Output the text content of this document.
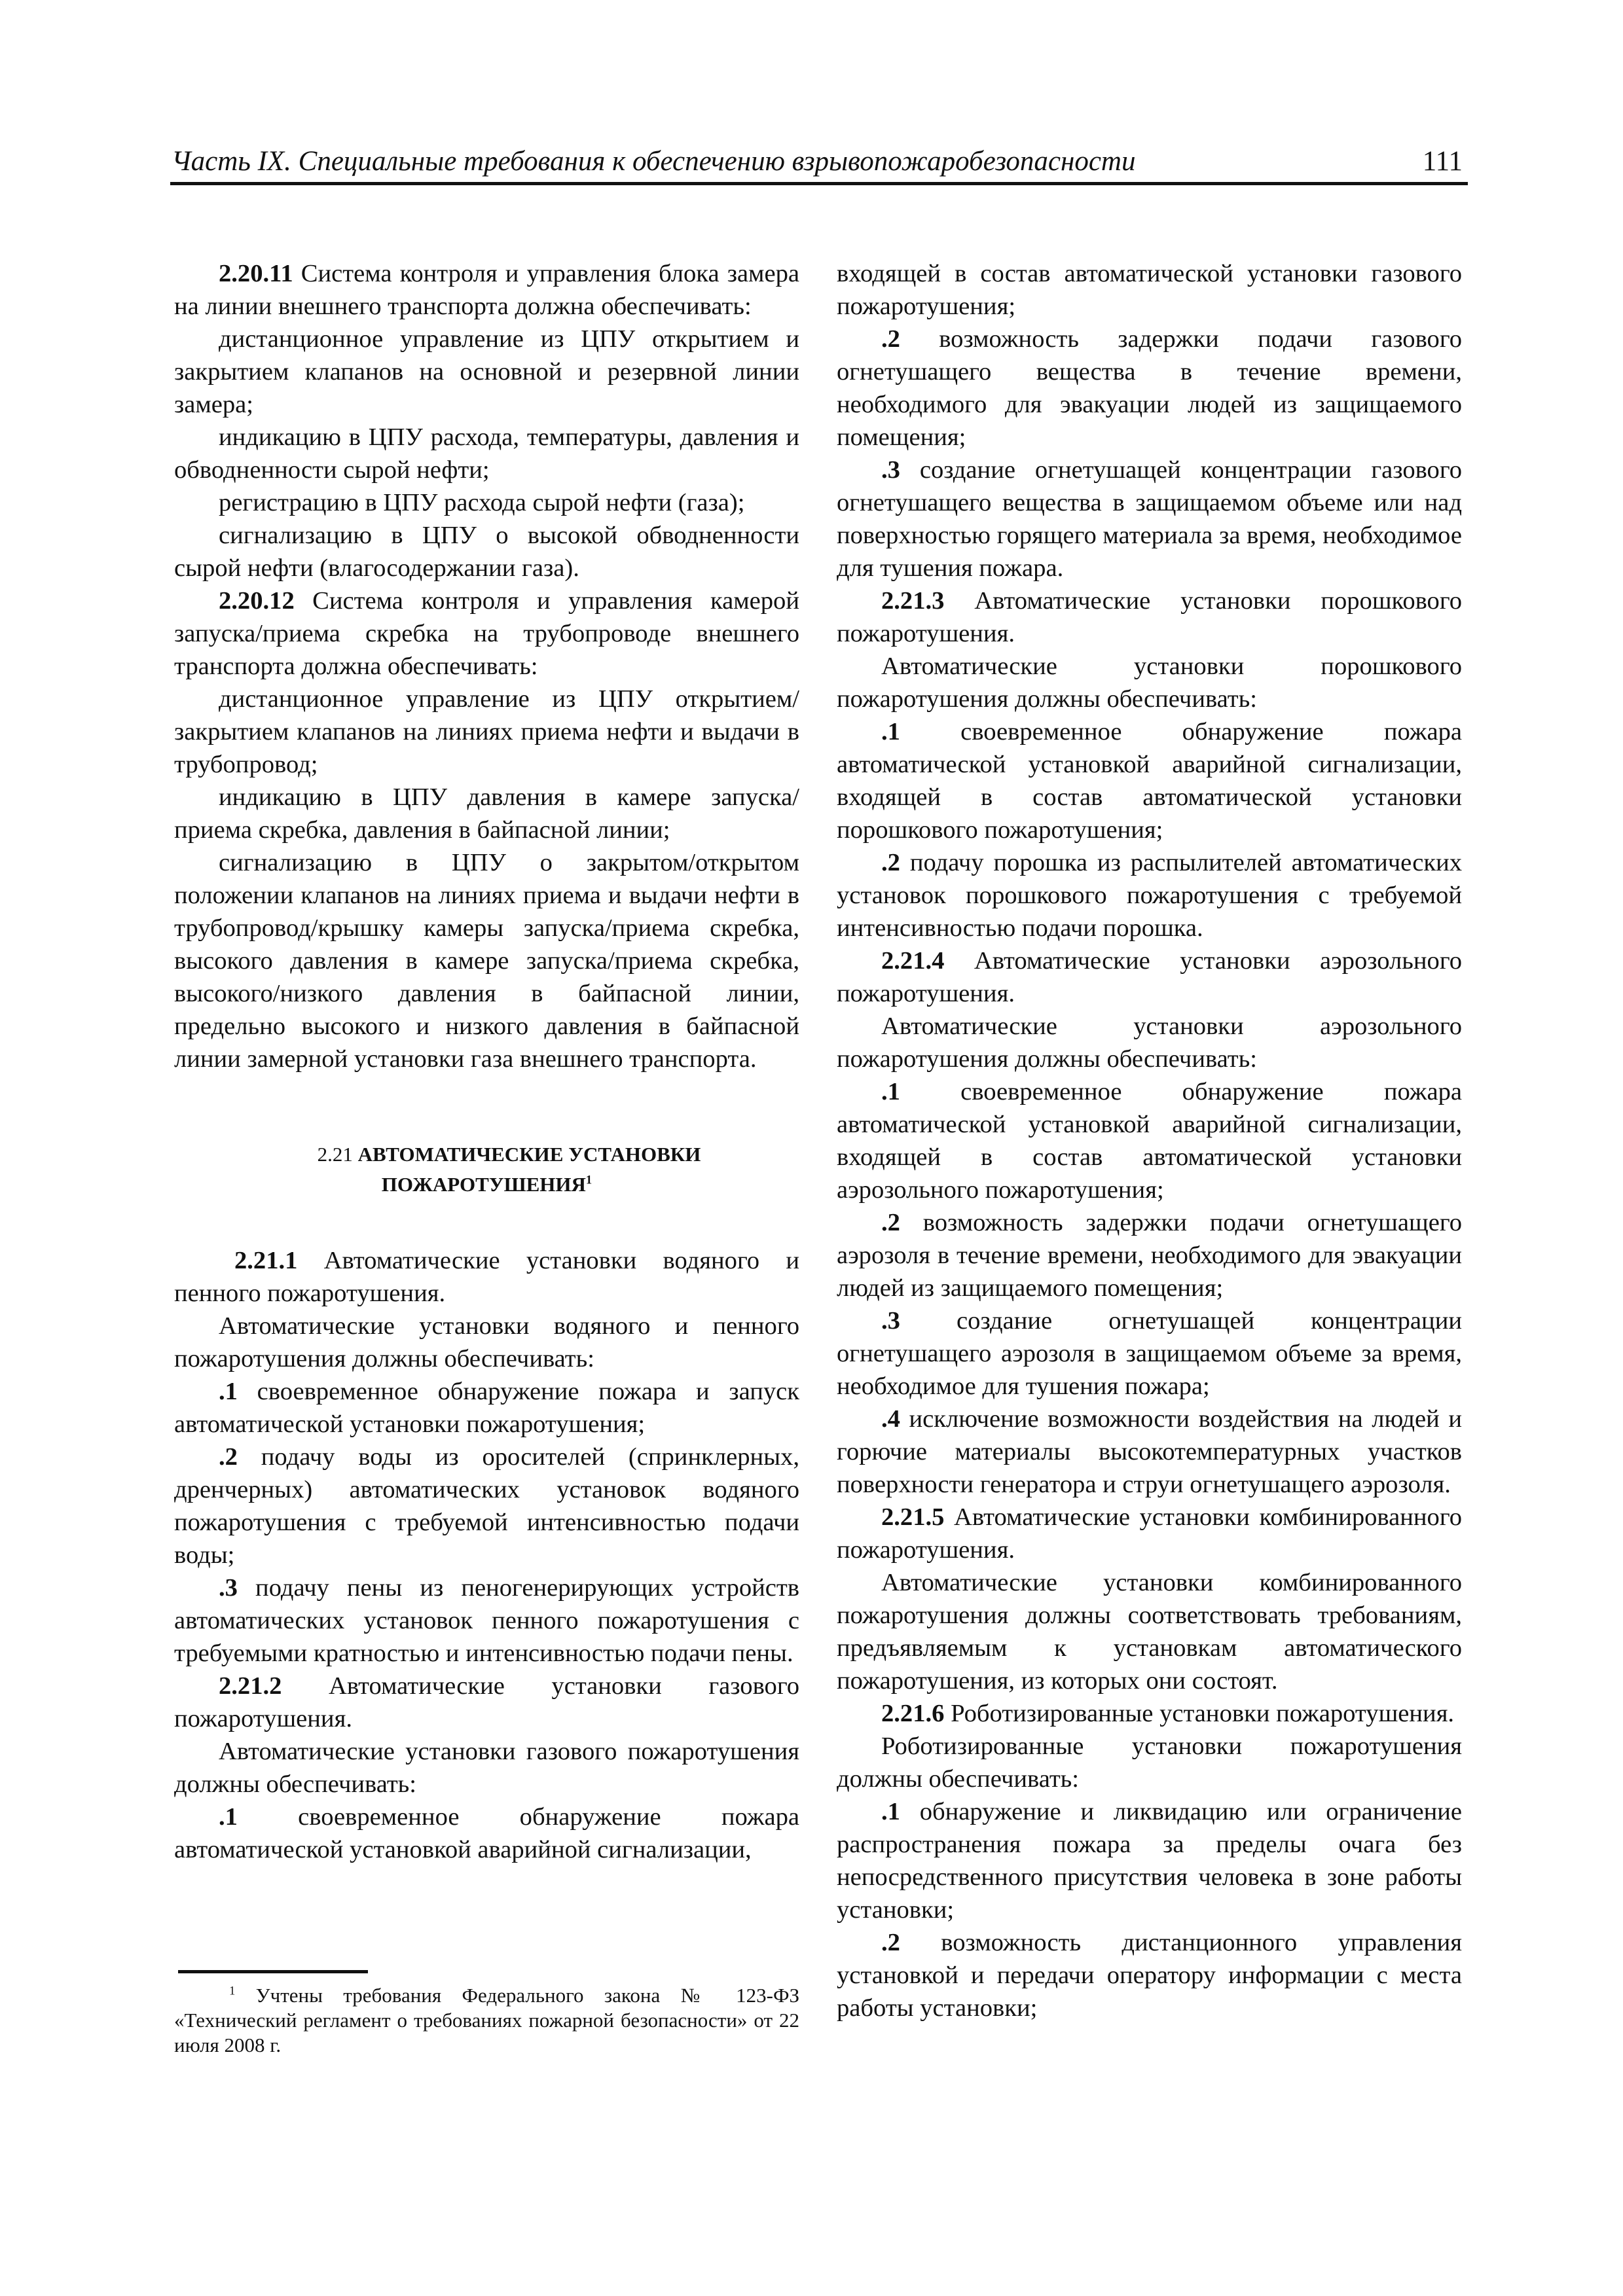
Часть IX. Специальные требования к обеспечению взрывопожаробезопасности	111

2.20.11 Система контроля и управления блока замера на линии внешнего транспорта должна обеспечивать:

дистанционное управление из ЦПУ открытием и закрытием клапанов на основной и резервной линии замера;

индикацию в ЦПУ расхода, температуры, давления и обводненности сырой нефти;

регистрацию в ЦПУ расхода сырой нефти (газа);

сигнализацию в ЦПУ о высокой обводненности сырой нефти (влагосодержании газа).

2.20.12 Система контроля и управления камерой запуска/приема скребка на трубопроводе внешнего транспорта должна обеспечивать:

дистанционное управление из ЦПУ открытием/ закрытием клапанов на линиях приема нефти и выдачи в трубопровод;

индикацию в ЦПУ давления в камере запуска/ приема скребка, давления в байпасной линии;

сигнализацию в ЦПУ о закрытом/открытом положении клапанов на линиях приема и выдачи нефти в трубопровод/крышку камеры запуска/приема скребка, высокого давления в камере запуска/приема скребка, высокого/низкого давления в байпасной линии, предельно высокого и низкого давления в байпасной линии замерной установки газа внешнего транспорта.

2.21 АВТОМАТИЧЕСКИЕ УСТАНОВКИ
ПОЖАРОТУШЕНИЯ$^1$

2.21.1 Автоматические установки водяного и пенного пожаротушения.

Автоматические установки водяного и пенного пожаротушения должны обеспечивать:

.1 своевременное обнаружение пожара и запуск автоматической установки пожаротушения;

.2 подачу воды из оросителей (спринклерных, дренчерных) автоматических установок водяного пожаротушения с требуемой интенсивностью подачи воды;

.3 подачу пены из пеногенерирующих устройств автоматических установок пенного пожаротушения с требуемыми кратностью и интенсивностью подачи пены.

2.21.2 Автоматические установки газового пожаротушения.

Автоматические установки газового пожаротушения должны обеспечивать:

.1 своевременное обнаружение пожара автоматической установкой аварийной сигнализации,

$^1$ Учтены требования Федерального закона № 123-ФЗ «Технический регламент о требованиях пожарной безопасности» от 22 июля 2008 г.

входящей в состав автоматической установки газового пожаротушения;

.2 возможность задержки подачи газового огнетушащего вещества в течение времени, необходимого для эвакуации людей из защищаемого помещения;

.3 создание огнетушащей концентрации газового огнетушащего вещества в защищаемом объеме или над поверхностью горящего материала за время, необходимое для тушения пожара.

2.21.3 Автоматические установки порошкового пожаротушения.

Автоматические установки порошкового пожаротушения должны обеспечивать:

.1 своевременное обнаружение пожара автоматической установкой аварийной сигнализации, входящей в состав автоматической установки порошкового пожаротушения;

.2 подачу порошка из распылителей автоматических установок порошкового пожаротушения с требуемой интенсивностью подачи порошка.

2.21.4 Автоматические установки аэрозольного пожаротушения.

Автоматические установки аэрозольного пожаротушения должны обеспечивать:

.1 своевременное обнаружение пожара автоматической установкой аварийной сигнализации, входящей в состав автоматической установки аэрозольного пожаротушения;

.2 возможность задержки подачи огнетушащего аэрозоля в течение времени, необходимого для эвакуации людей из защищаемого помещения;

.3 создание огнетушащей концентрации огнетушащего аэрозоля в защищаемом объеме за время, необходимое для тушения пожара;

.4 исключение возможности воздействия на людей и горючие материалы высокотемпературных участков поверхности генератора и струи огнетушащего аэрозоля.

2.21.5 Автоматические установки комбинированного пожаротушения.

Автоматические установки комбинированного пожаротушения должны соответствовать требованиям, предъявляемым к установкам автоматического пожаротушения, из которых они состоят.

2.21.6 Роботизированные установки пожаротушения.

Роботизированные установки пожаротушения должны обеспечивать:

.1 обнаружение и ликвидацию или ограничение распространения пожара за пределы очага без непосредственного присутствия человека в зоне работы установки;

.2 возможность дистанционного управления установкой и передачи оператору информации с места работы установки;
